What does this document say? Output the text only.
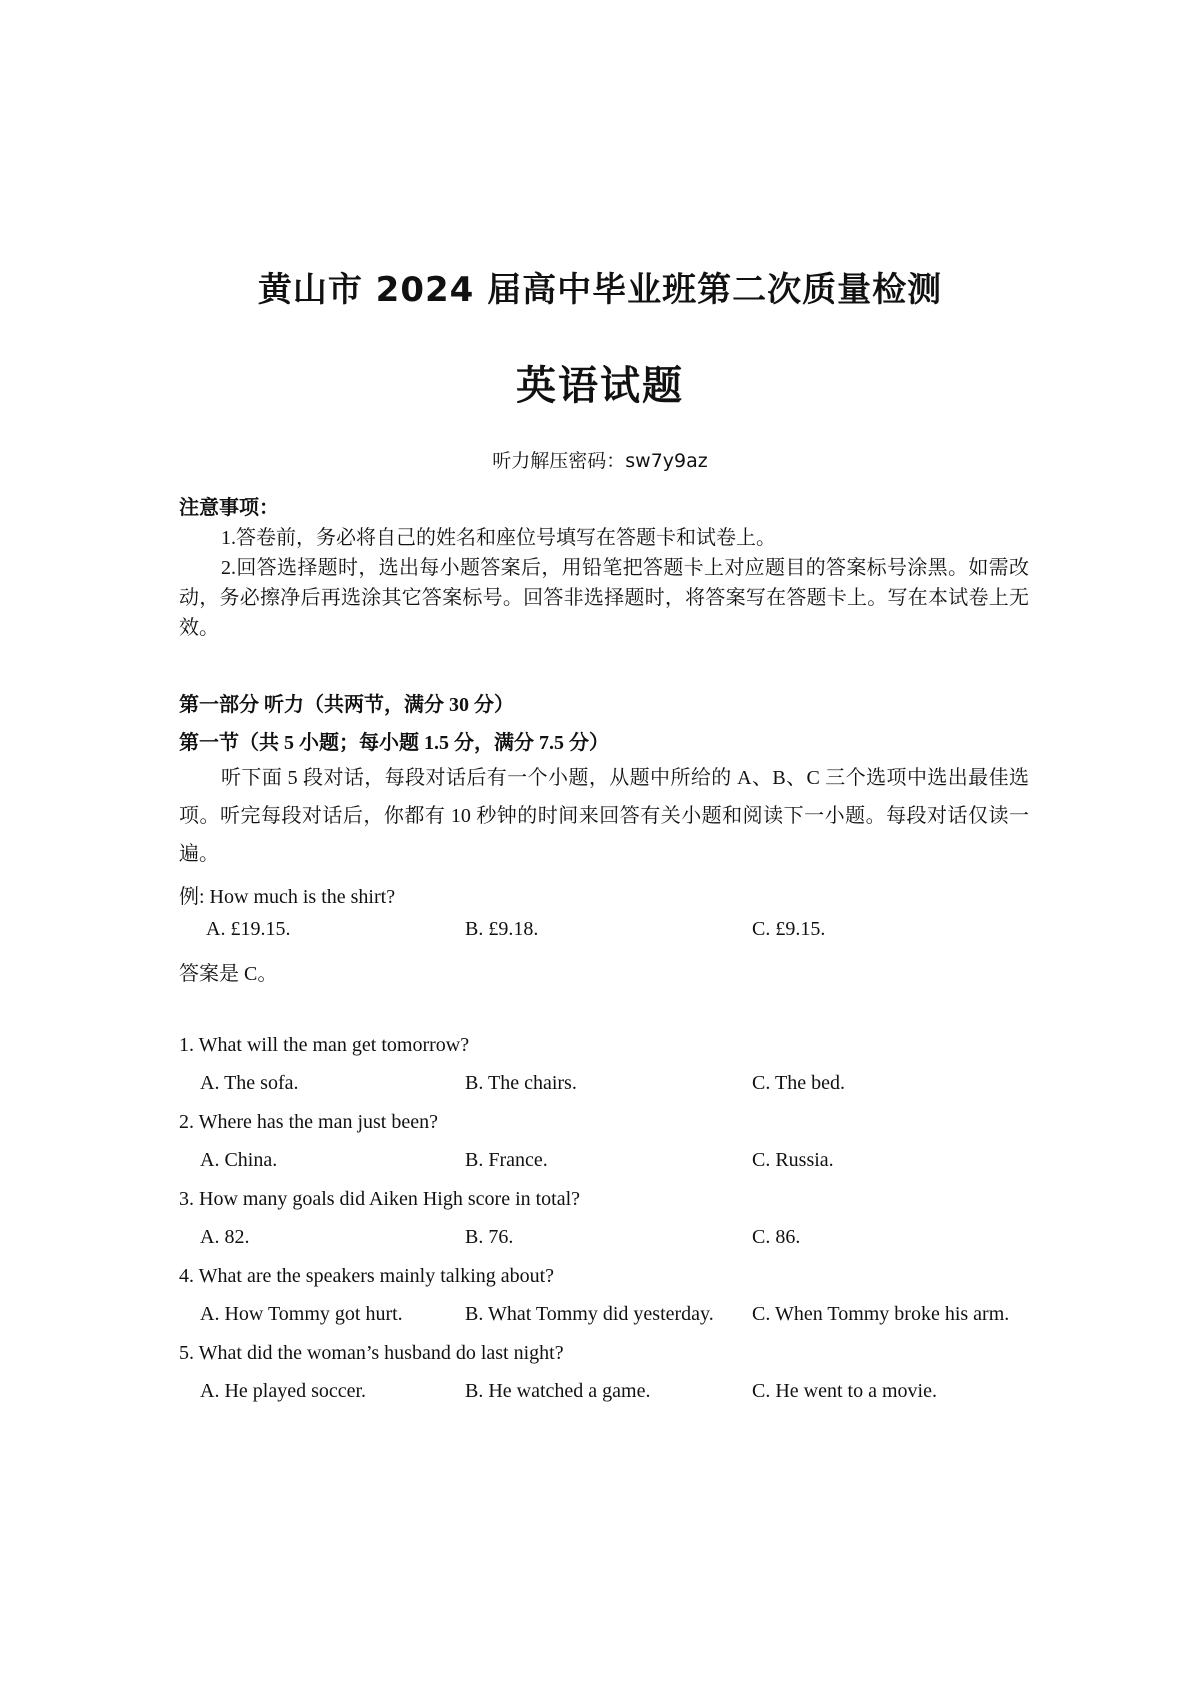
黄山市 2024 届高中毕业班第二次质量检测
英语试题
听力解压密码：sw7y9az
注意事项：
1.答卷前，务必将自己的姓名和座位号填写在答题卡和试卷上。
2.回答选择题时，选出每小题答案后，用铅笔把答题卡上对应题目的答案标号涂黑。如需改动，务必擦净后再选涂其它答案标号。回答非选择题时，将答案写在答题卡上。写在本试卷上无效。
第一部分 听力（共两节，满分 30 分）
第一节（共 5 小题；每小题 1.5 分，满分 7.5 分）
听下面 5 段对话，每段对话后有一个小题，从题中所给的 A、B、C 三个选项中选出最佳选项。听完每段对话后，你都有 10 秒钟的时间来回答有关小题和阅读下一小题。每段对话仅读一遍。
例: How much is the shirt?
A. £19.15.	B. £9.18.	C. £9.15.
答案是 C。
1. What will the man get tomorrow?
A. The sofa.	B. The chairs.	C. The bed.
2. Where has the man just been?
A. China.	B. France.	C. Russia.
3. How many goals did Aiken High score in total?
A. 82.	B. 76.	C. 86.
4. What are the speakers mainly talking about?
A. How Tommy got hurt.	B. What Tommy did yesterday. C. When Tommy broke his arm.
5. What did the woman’s husband do last night?
A. He played soccer.	B. He watched a game.	C. He went to a movie.
